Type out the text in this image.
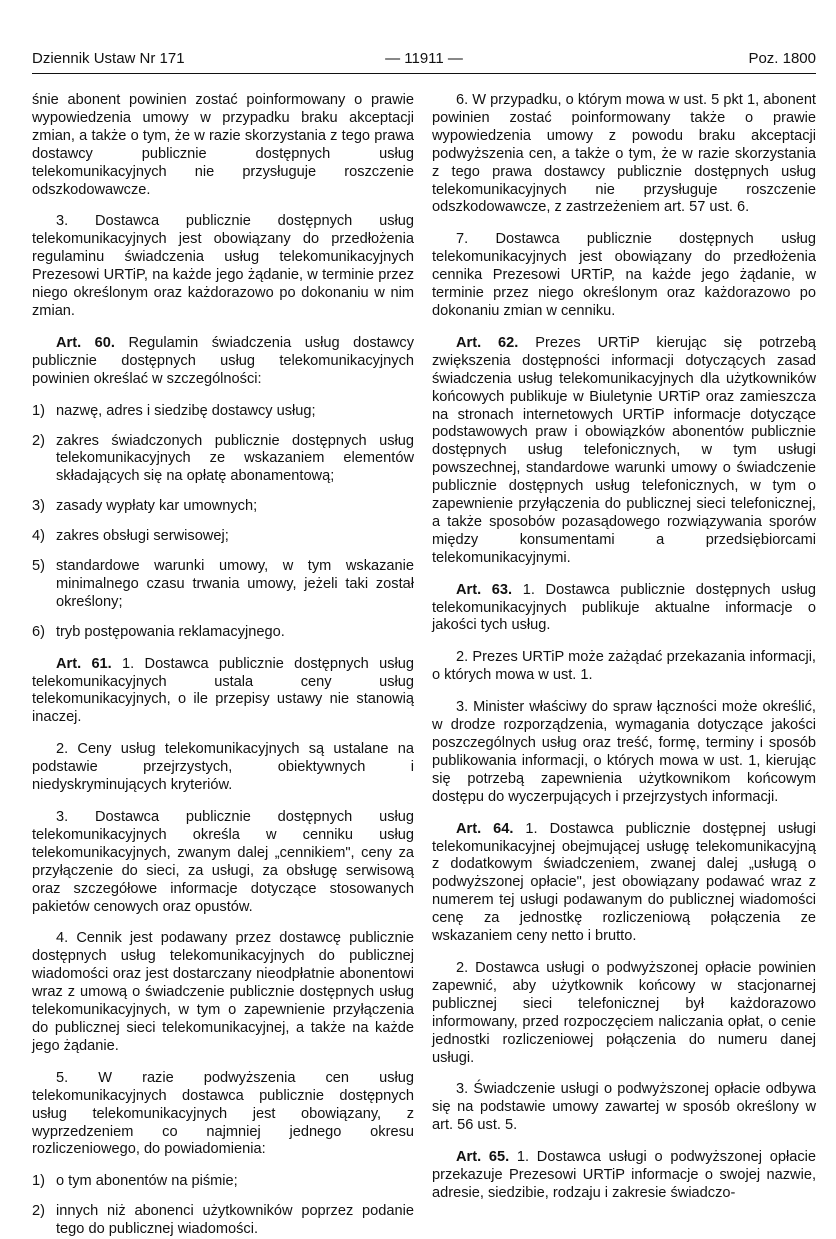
Dziennik Ustaw Nr 171	— 11911 —	Poz. 1800

śnie abonent powinien zostać poinformowany o prawie wypowiedzenia umowy w przypadku braku akceptacji zmian, a także o tym, że w razie skorzystania z tego prawa dostawcy publicznie dostępnych usług telekomunikacyjnych nie przysługuje roszczenie odszkodowawcze.

3. Dostawca publicznie dostępnych usług telekomunikacyjnych jest obowiązany do przedłożenia regulaminu świadczenia usług telekomunikacyjnych Prezesowi URTiP, na każde jego żądanie, w terminie przez niego określonym oraz każdorazowo po dokonaniu w nim zmian.

Art. 60. Regulamin świadczenia usług dostawcy publicznie dostępnych usług telekomunikacyjnych powinien określać w szczególności:

1) nazwę, adres i siedzibę dostawcy usług;
2) zakres świadczonych publicznie dostępnych usług telekomunikacyjnych ze wskazaniem elementów składających się na opłatę abonamentową;
3) zasady wypłaty kar umownych;
4) zakres obsługi serwisowej;
5) standardowe warunki umowy, w tym wskazanie minimalnego czasu trwania umowy, jeżeli taki został określony;
6) tryb postępowania reklamacyjnego.

Art. 61. 1. Dostawca publicznie dostępnych usług telekomunikacyjnych ustala ceny usług telekomunikacyjnych, o ile przepisy ustawy nie stanowią inaczej.

2. Ceny usług telekomunikacyjnych są ustalane na podstawie przejrzystych, obiektywnych i niedyskryminujących kryteriów.

3. Dostawca publicznie dostępnych usług telekomunikacyjnych określa w cenniku usług telekomunikacyjnych, zwanym dalej „cennikiem", ceny za przyłączenie do sieci, za usługi, za obsługę serwisową oraz szczegółowe informacje dotyczące stosowanych pakietów cenowych oraz opustów.

4. Cennik jest podawany przez dostawcę publicznie dostępnych usług telekomunikacyjnych do publicznej wiadomości oraz jest dostarczany nieodpłatnie abonentowi wraz z umową o świadczenie publicznie dostępnych usług telekomunikacyjnych, w tym o zapewnienie przyłączenia do publicznej sieci telekomunikacyjnej, a także na każde jego żądanie.

5. W razie podwyższenia cen usług telekomunikacyjnych dostawca publicznie dostępnych usług telekomunikacyjnych jest obowiązany, z wyprzedzeniem co najmniej jednego okresu rozliczeniowego, do powiadomienia:

1) o tym abonentów na piśmie;
2) innych niż abonenci użytkowników poprzez podanie tego do publicznej wiadomości.

6. W przypadku, o którym mowa w ust. 5 pkt 1, abonent powinien zostać poinformowany także o prawie wypowiedzenia umowy z powodu braku akceptacji podwyższenia cen, a także o tym, że w razie skorzystania z tego prawa dostawcy publicznie dostępnych usług telekomunikacyjnych nie przysługuje roszczenie odszkodowawcze, z zastrzeżeniem art. 57 ust. 6.

7. Dostawca publicznie dostępnych usług telekomunikacyjnych jest obowiązany do przedłożenia cennika Prezesowi URTiP, na każde jego żądanie, w terminie przez niego określonym oraz każdorazowo po dokonaniu zmian w cenniku.

Art. 62. Prezes URTiP kierując się potrzebą zwiększenia dostępności informacji dotyczących zasad świadczenia usług telekomunikacyjnych dla użytkowników końcowych publikuje w Biuletynie URTiP oraz zamieszcza na stronach internetowych URTiP informacje dotyczące podstawowych praw i obowiązków abonentów publicznie dostępnych usług telefonicznych, w tym usługi powszechnej, standardowe warunki umowy o świadczenie publicznie dostępnych usług telefonicznych, w tym o zapewnienie przyłączenia do publicznej sieci telefonicznej, a także sposobów pozasądowego rozwiązywania sporów między konsumentami a przedsiębiorcami telekomunikacyjnymi.

Art. 63. 1. Dostawca publicznie dostępnych usług telekomunikacyjnych publikuje aktualne informacje o jakości tych usług.

2. Prezes URTiP może zażądać przekazania informacji, o których mowa w ust. 1.

3. Minister właściwy do spraw łączności może określić, w drodze rozporządzenia, wymagania dotyczące jakości poszczególnych usług oraz treść, formę, terminy i sposób publikowania informacji, o których mowa w ust. 1, kierując się potrzebą zapewnienia użytkownikom końcowym dostępu do wyczerpujących i przejrzystych informacji.

Art. 64. 1. Dostawca publicznie dostępnej usługi telekomunikacyjnej obejmującej usługę telekomunikacyjną z dodatkowym świadczeniem, zwanej dalej „usługą o podwyższonej opłacie", jest obowiązany podawać wraz z numerem tej usługi podawanym do publicznej wiadomości cenę za jednostkę rozliczeniową połączenia ze wskazaniem ceny netto i brutto.

2. Dostawca usługi o podwyższonej opłacie powinien zapewnić, aby użytkownik końcowy w stacjonarnej publicznej sieci telefonicznej był każdorazowo informowany, przed rozpoczęciem naliczania opłat, o cenie jednostki rozliczeniowej połączenia do numeru danej usługi.

3. Świadczenie usługi o podwyższonej opłacie odbywa się na podstawie umowy zawartej w sposób określony w art. 56 ust. 5.

Art. 65. 1. Dostawca usługi o podwyższonej opłacie przekazuje Prezesowi URTiP informacje o swojej nazwie, adresie, siedzibie, rodzaju i zakresie świadczo-
